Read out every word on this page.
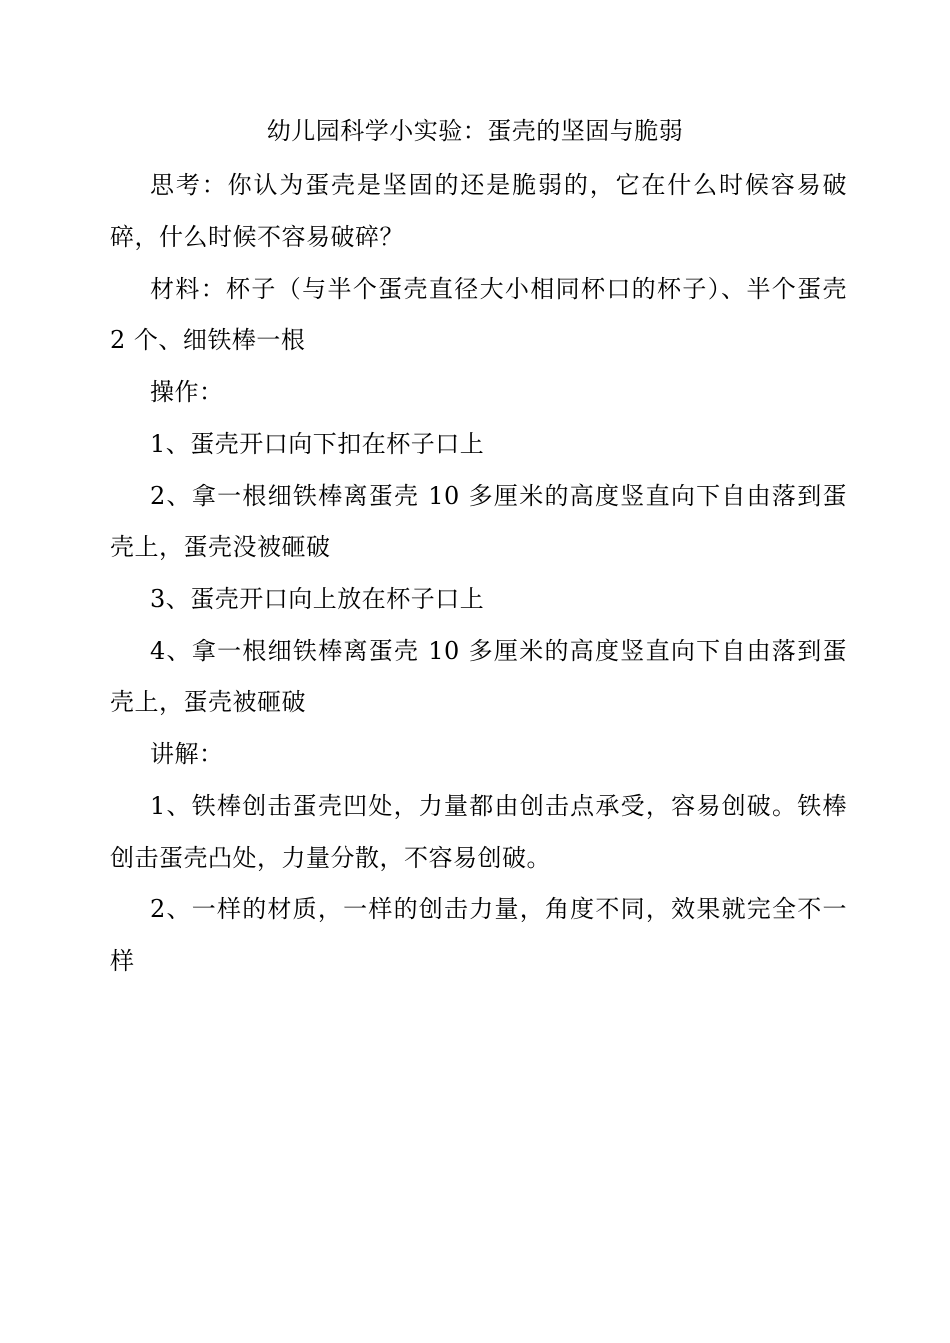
幼儿园科学小实验：蛋壳的坚固与脆弱
思考：你认为蛋壳是坚固的还是脆弱的，它在什么时候容易破
碎，什么时候不容易破碎？
材料：杯子（与半个蛋壳直径大小相同杯口的杯子）、半个蛋壳
2 个、细铁棒一根
操作：
1、蛋壳开口向下扣在杯子口上
2、拿一根细铁棒离蛋壳 10 多厘米的高度竖直向下自由落到蛋
壳上，蛋壳没被砸破
3、蛋壳开口向上放在杯子口上
4、拿一根细铁棒离蛋壳 10 多厘米的高度竖直向下自由落到蛋
壳上，蛋壳被砸破
讲解：
1、铁棒创击蛋壳凹处，力量都由创击点承受，容易创破。铁棒
创击蛋壳凸处，力量分散，不容易创破。
2、一样的材质，一样的创击力量，角度不同，效果就完全不一
样
